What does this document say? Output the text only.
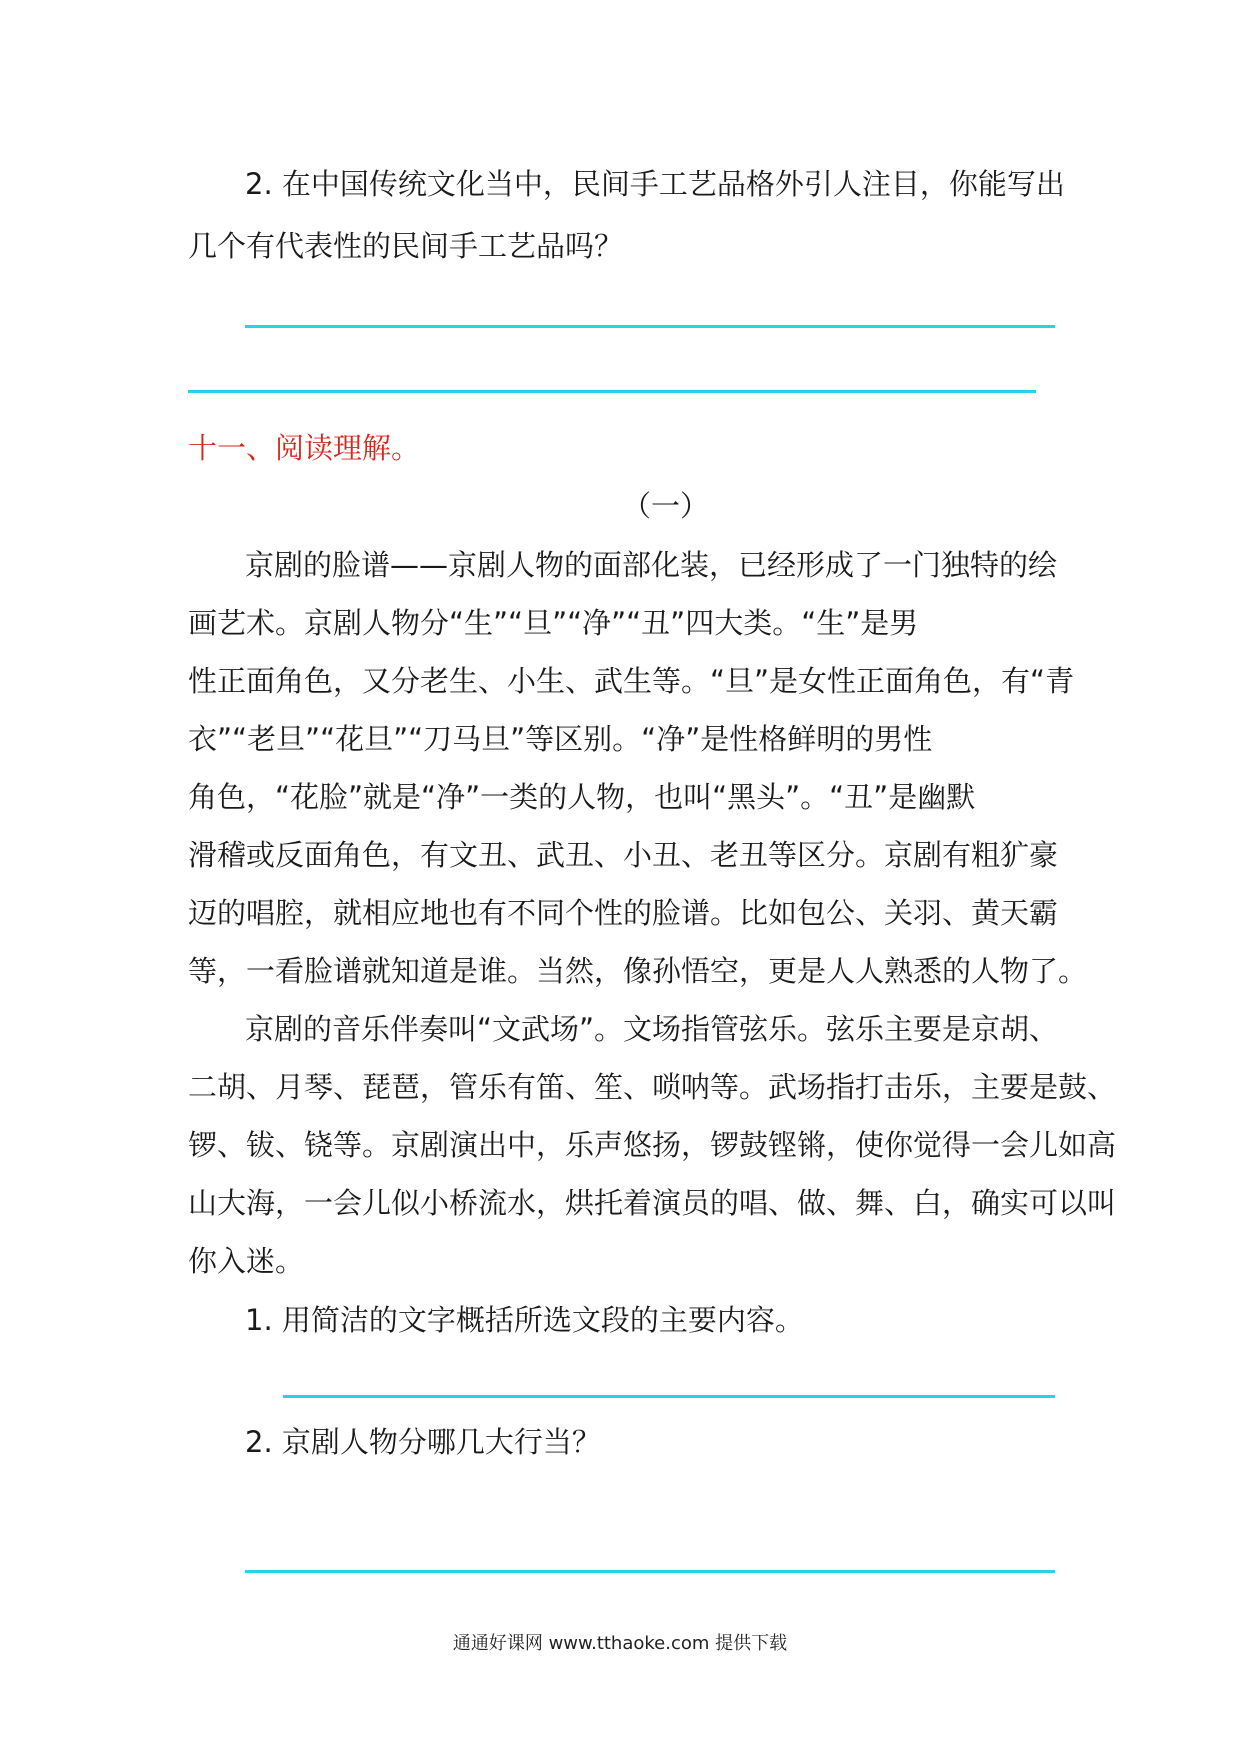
2. 在中国传统文化当中，民间手工艺品格外引人注目，你能写出
几个有代表性的民间手工艺品吗？
十一、阅读理解。
（一）
京剧的脸谱——京剧人物的面部化装，已经形成了一门独特的绘
画艺术。京剧人物分“生”“旦”“净”“丑”四大类。“生”是男
性正面角色，又分老生、小生、武生等。“旦”是女性正面角色，有“青
衣”“老旦”“花旦”“刀马旦”等区别。“净”是性格鲜明的男性
角色，“花脸”就是“净”一类的人物，也叫“黑头”。“丑”是幽默
滑稽或反面角色，有文丑、武丑、小丑、老丑等区分。京剧有粗犷豪
迈的唱腔，就相应地也有不同个性的脸谱。比如包公、关羽、黄天霸
等，一看脸谱就知道是谁。当然，像孙悟空，更是人人熟悉的人物了。
京剧的音乐伴奏叫“文武场”。文场指管弦乐。弦乐主要是京胡、
二胡、月琴、琵琶，管乐有笛、笙、唢呐等。武场指打击乐，主要是鼓、
锣、钹、铙等。京剧演出中，乐声悠扬，锣鼓铿锵，使你觉得一会儿如高
山大海，一会儿似小桥流水，烘托着演员的唱、做、舞、白，确实可以叫
你入迷。
1. 用简洁的文字概括所选文段的主要内容。
2. 京剧人物分哪几大行当？
通通好课网 www.tthaoke.com 提供下载
